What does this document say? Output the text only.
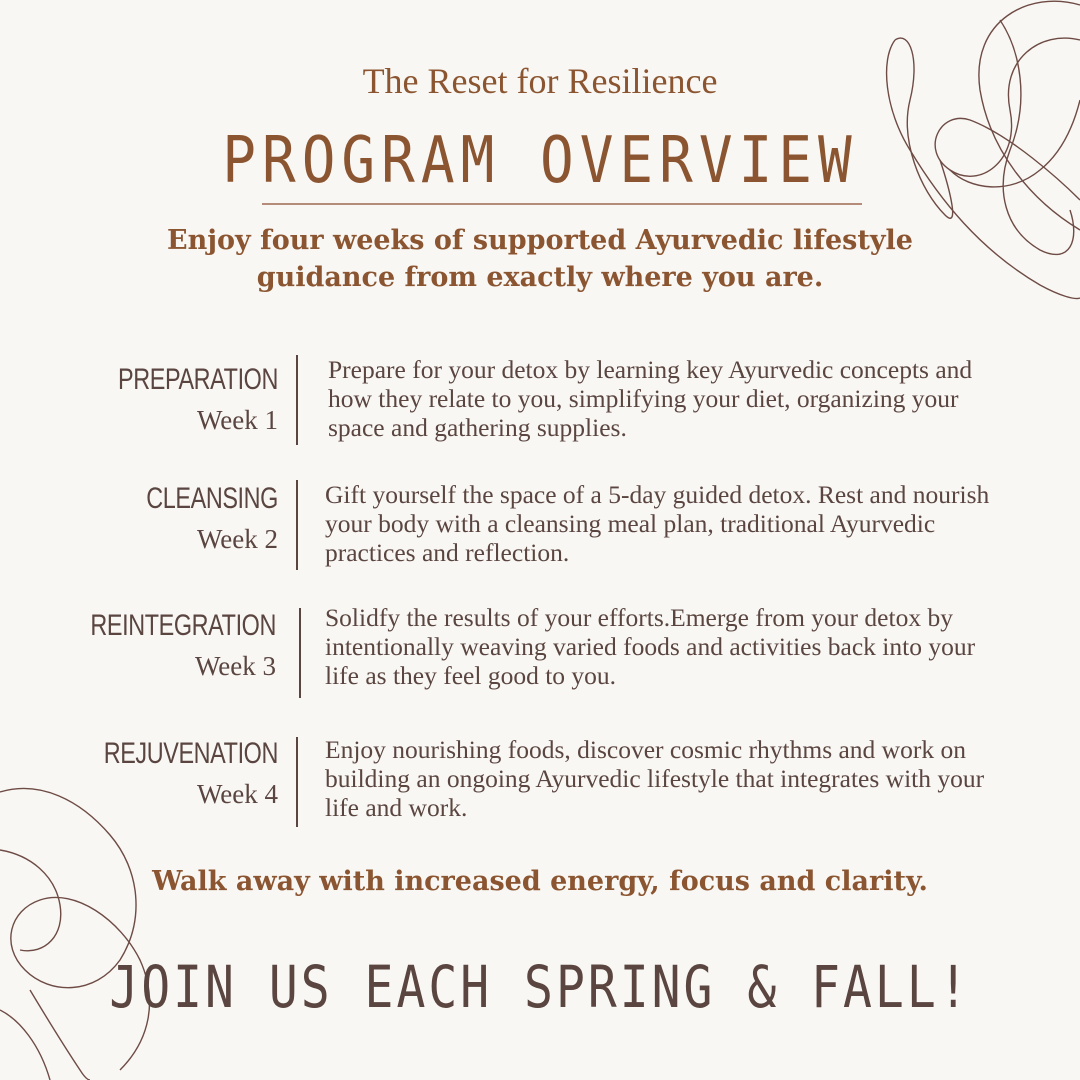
The Reset for Resilience
PROGRAM OVERVIEW
Enjoy four weeks of supported Ayurvedic lifestyle guidance from exactly where you are.
PREPARATION
Week 1
Prepare for your detox by learning key Ayurvedic concepts and how they relate to you, simplifying your diet, organizing your space and gathering supplies.
CLEANSING
Week 2
Gift yourself the space of a 5-day guided detox. Rest and nourish your body with a cleansing meal plan, traditional Ayurvedic practices and reflection.
REINTEGRATION
Week 3
Solidfy the results of your efforts.Emerge from your detox by intentionally weaving varied foods and activities back into your life as they feel good to you.
REJUVENATION
Week 4
Enjoy nourishing foods, discover cosmic rhythms and work on building an ongoing Ayurvedic lifestyle that integrates with your life and work.
Walk away with increased energy, focus and clarity.
JOIN US EACH SPRING & FALL!
